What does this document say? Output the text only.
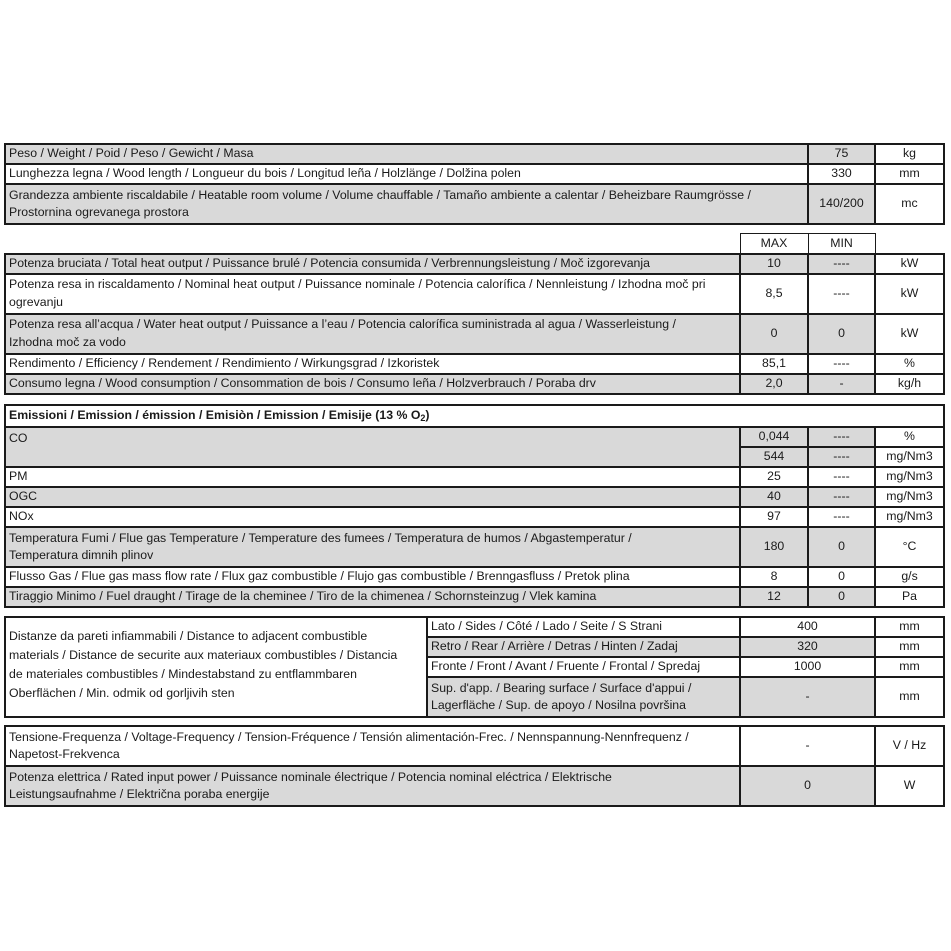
Peso / Weight / Poid / Peso / Gewicht / Masa	75	kg
Lunghezza legna / Wood length / Longueur du bois / Longitud leña / Holzlänge / Dolžina polen	330	mm
Grandezza ambiente riscaldabile / Heatable room volume / Volume chauffable / Tamaño ambiente a calentar / Beheizbare Raumgrösse /
Prostornina ogrevanega prostora	140/200	mc
	MAX	MIN	
Potenza bruciata / Total heat output / Puissance brulé / Potencia consumida / Verbrennungsleistung / Moč izgorevanja	10	----	kW
Potenza resa in riscaldamento / Nominal heat output / Puissance nominale / Potencia calorífica / Nennleistung / Izhodna moč pri
ogrevanju	8,5	----	kW
Potenza resa all’acqua / Water heat output / Puissance a l’eau / Potencia calorífica suministrada al agua / Wasserleistung /
Izhodna moč za vodo	0	0	kW
Rendimento / Efficiency / Rendement / Rendimiento / Wirkungsgrad / Izkoristek	85,1	----	%
Consumo legna / Wood consumption / Consommation de bois / Consumo leña / Holzverbrauch / Poraba drv	2,0	-	kg/h
Emissioni / Emission / émission / Emisiòn / Emission / Emisije (13 % $O_2$)			
CO	0,044	----	%
	544	----	mg/Nm3
PM	25	----	mg/Nm3
OGC	40	----	mg/Nm3
NOx	97	----	mg/Nm3
Temperatura Fumi / Flue gas Temperature / Temperature des fumees / Temperatura de humos / Abgastemperatur /
Temperatura dimnih plinov	180	0	°C
Flusso Gas / Flue gas mass flow rate / Flux gaz combustible / Flujo gas combustible / Brenngasfluss / Pretok plina	8	0	g/s
Tiraggio Minimo / Fuel draught / Tirage de la cheminee / Tiro de la chimenea / Schornsteinzug / Vlek kamina	12	0	Pa
Distanze da pareti infiammabili / Distance to adjacent combustible
materials / Distance de securite aux materiaux combustibles / Distancia
de materiales combustibles / Mindestabstand zu entflammbaren
Oberflächen / Min. odmik od gorljivih sten	Lato / Sides / Côté / Lado / Seite / S Strani	400	mm
	Retro / Rear / Arrière / Detras / Hinten / Zadaj	320	mm
	Fronte / Front / Avant / Fruente / Frontal / Spredaj	1000	mm
	Sup. d'app. / Bearing surface / Surface d'appui /
Lagerfläche / Sup. de apoyo / Nosilna površina	-	mm
Tensione-Frequenza / Voltage-Frequency / Tension-Fréquence / Tensión alimentación-Frec. / Nennspannung-Nennfrequenz /
Napetost-Frekvenca	-	V / Hz
Potenza elettrica / Rated input power / Puissance nominale électrique / Potencia nominal eléctrica / Elektrische
Leistungsaufnahme / Električna poraba energije	0	W
